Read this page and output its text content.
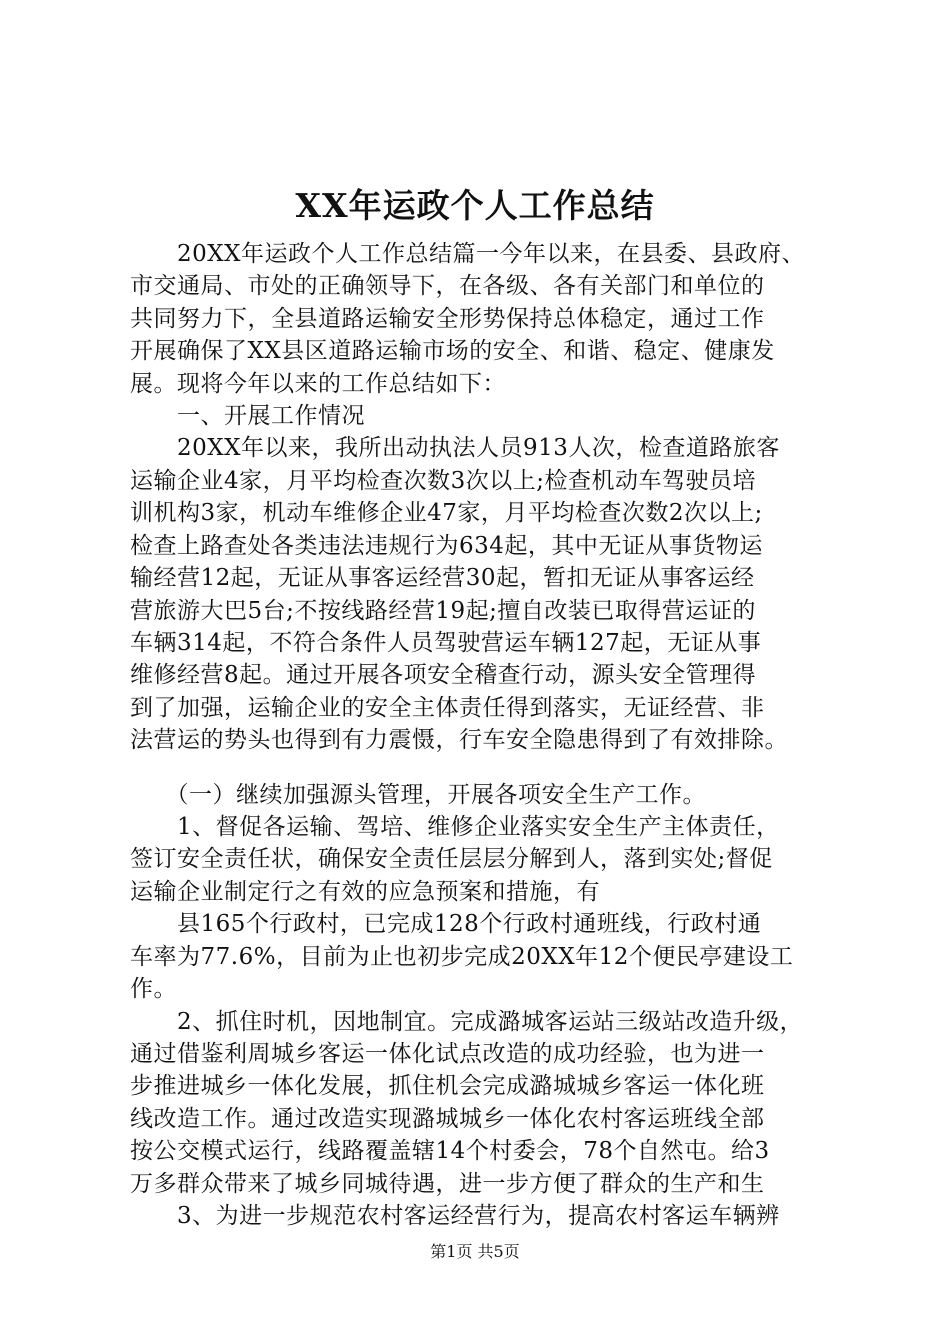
XX年运政个人工作总结
　　20XX年运政个人工作总结篇一今年以来，在县委、县政府、
市交通局、市处的正确领导下，在各级、各有关部门和单位的
共同努力下，全县道路运输安全形势保持总体稳定，通过工作
开展确保了XX县区道路运输市场的安全、和谐、稳定、健康发
展。现将今年以来的工作总结如下：
　　一、开展工作情况
　　20XX年以来，我所出动执法人员913人次，检查道路旅客
运输企业4家，月平均检查次数3次以上;检查机动车驾驶员培
训机构3家，机动车维修企业47家，月平均检查次数2次以上;
检查上路查处各类违法违规行为634起，其中无证从事货物运
输经营12起，无证从事客运经营30起，暂扣无证从事客运经
营旅游大巴5台;不按线路经营19起;擅自改装已取得营运证的
车辆314起，不符合条件人员驾驶营运车辆127起，无证从事
维修经营8起。通过开展各项安全稽查行动，源头安全管理得
到了加强，运输企业的安全主体责任得到落实，无证经营、非
法营运的势头也得到有力震慑，行车安全隐患得到了有效排除。
　　（一）继续加强源头管理，开展各项安全生产工作。
　　1、督促各运输、驾培、维修企业落实安全生产主体责任，
签订安全责任状，确保安全责任层层分解到人，落到实处;督促
运输企业制定行之有效的应急预案和措施，有
　　县165个行政村，已完成128个行政村通班线，行政村通
车率为77.6%，目前为止也初步完成20XX年12个便民亭建设工
作。
　　2、抓住时机，因地制宜。完成潞城客运站三级站改造升级，
通过借鉴利周城乡客运一体化试点改造的成功经验，也为进一
步推进城乡一体化发展，抓住机会完成潞城城乡客运一体化班
线改造工作。通过改造实现潞城城乡一体化农村客运班线全部
按公交模式运行，线路覆盖辖14个村委会，78个自然屯。给3
万多群众带来了城乡同城待遇，进一步方便了群众的生产和生
　　3、为进一步规范农村客运经营行为，提高农村客运车辆辨
第1页 共5页
